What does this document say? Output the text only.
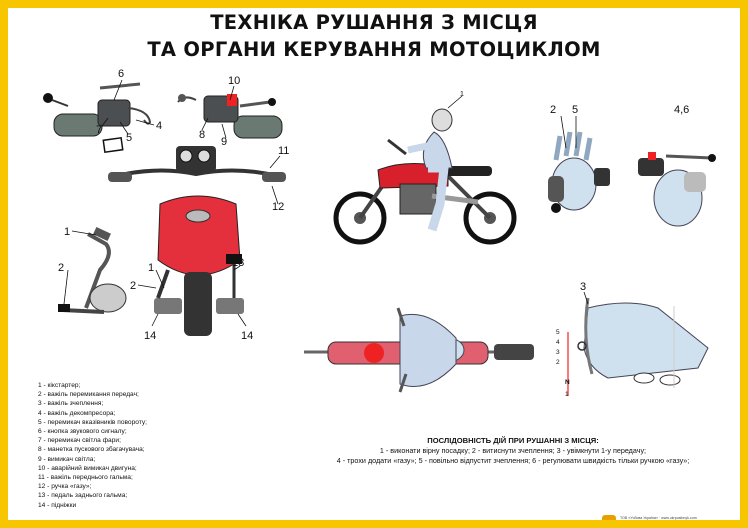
ТЕХНІКА РУШАННЯ З МІСЦЯ
ТА ОРГАНИ КЕРУВАННЯ МОТОЦИКЛОМ
6
4
7
5
10
8
9
11
12
1
2	1
2
13
14	14
1
2 5	4,6
3
5
4
3
2
N
1
1 - кікстартер;
2 - важіль перемикання передач;
3 - важіль зчеплення;
4 - важіль декомпресора;
5 - перемикач вказівників повороту;
6 - кнопка звукового сигналу;
7 - перемикач світла фари;
8 - манетка пускового збагачувача;
9 - вимикач світла;
10 - аварійний вимикач двигуна;
11 - важіль переднього гальма;
12 - ручка «газу»;
13 - педаль заднього гальма;
14 - підніжки
ПОСЛІДОВНІСТЬ ДІЙ ПРИ РУШАННІ З МІСЦЯ:
1 - виконати вірну посадку; 2 - витиснути зчеплення; 3 - увімкнути 1-у передачу;
4 - трохи додати «газу»; 5 - повільно відпустит зчеплення; 6 - регулювати швидкість тільки ручкою «газу»;
ТОВ «Учбова Україна» · www.ukrposibnyk.com
